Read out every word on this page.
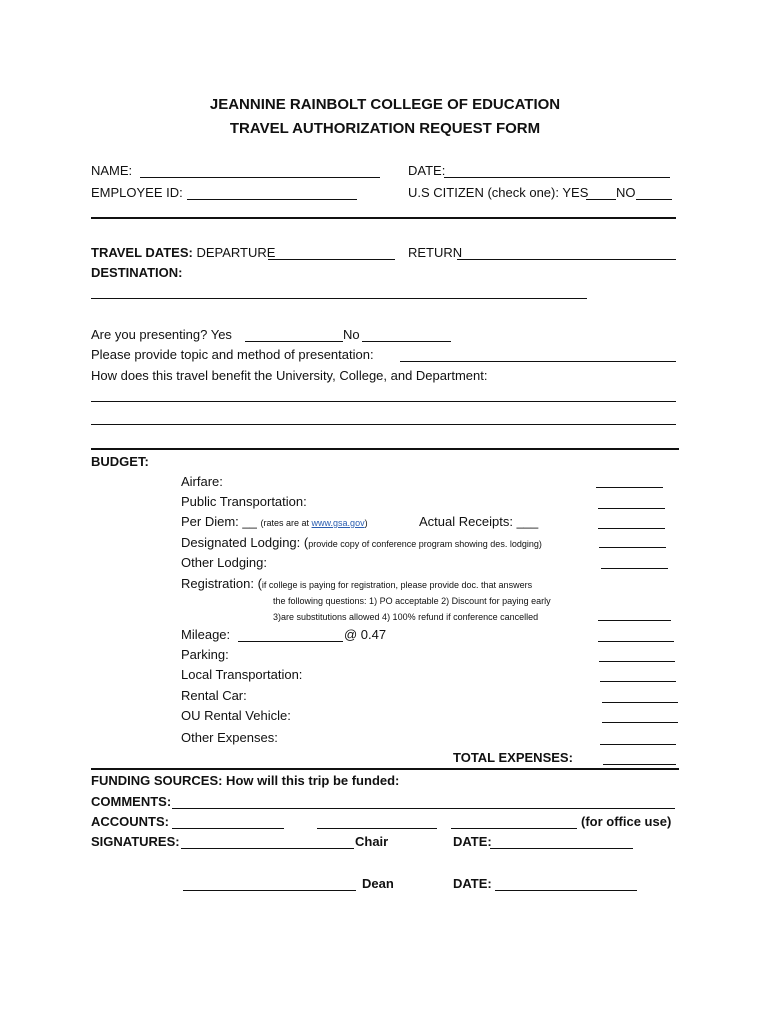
JEANNINE RAINBOLT COLLEGE OF EDUCATION
TRAVEL AUTHORIZATION REQUEST FORM
NAME:	DATE:
EMPLOYEE ID:	U.S CITIZEN (check one): YES NO
TRAVEL DATES: DEPARTURE	RETURN
DESTINATION:
Are you presenting? Yes	No
Please provide topic and method of presentation:
How does this travel benefit the University, College, and Department:
BUDGET:
Airfare:
Public Transportation:
Per Diem: __ (rates are at www.gsa.gov)	Actual Receipts: ___
Designated Lodging: (provide copy of conference program showing des. lodging)
Other Lodging:
Registration: (if college is paying for registration, please provide doc. that answers
the following questions: 1) PO acceptable 2) Discount for paying early
3)are substitutions allowed 4) 100% refund if conference cancelled
Mileage:	@ 0.47
Parking:
Local Transportation:
Rental Car:
OU Rental Vehicle:
Other Expenses:
TOTAL EXPENSES:
FUNDING SOURCES: How will this trip be funded:
COMMENTS:
ACCOUNTS:	(for office use)
SIGNATURES:	Chair	DATE:
Dean	DATE:
